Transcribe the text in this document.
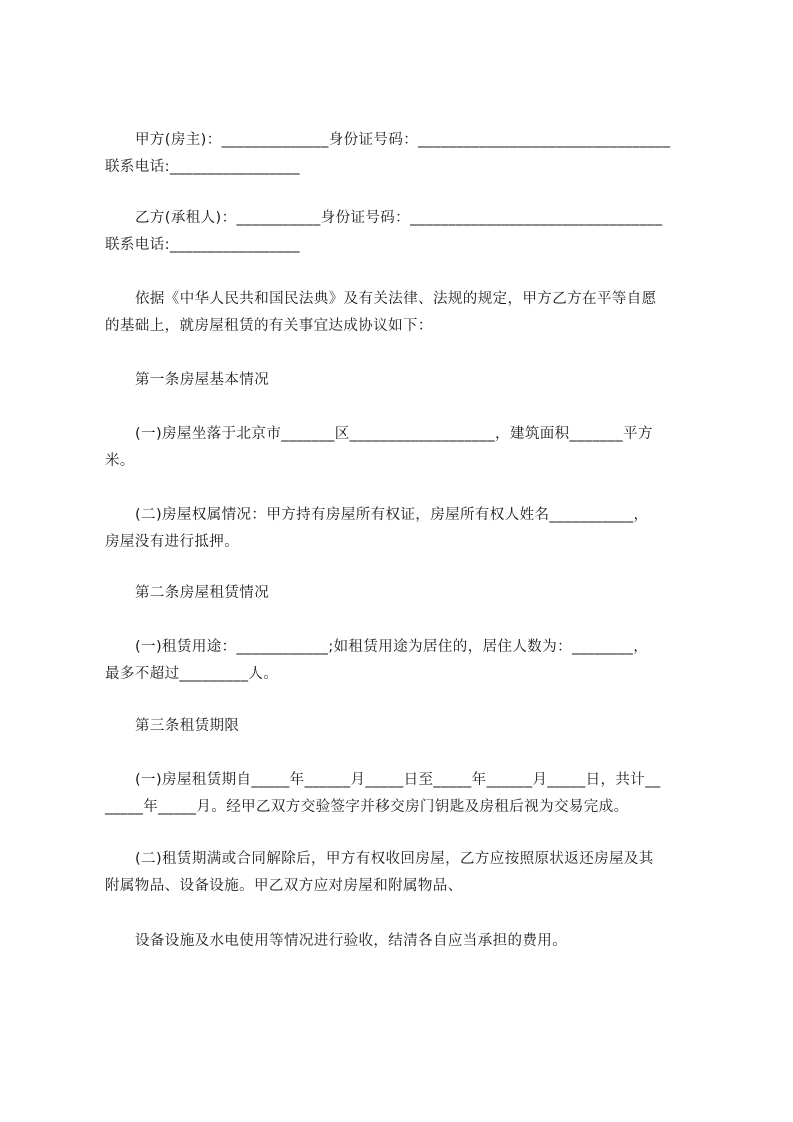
甲方(房主)：______________身份证号码：_________________________________
联系电话:_________________
乙方(承租人)：___________身份证号码：_________________________________
联系电话:_________________
依据《中华人民共和国民法典》及有关法律、法规的规定，甲方乙方在平等自愿
的基础上，就房屋租赁的有关事宜达成协议如下：
第一条房屋基本情况
(一)房屋坐落于北京市_______区___________________，建筑面积_______平方
米。
(二)房屋权属情况：甲方持有房屋所有权证，房屋所有权人姓名___________，
房屋没有进行抵押。
第二条房屋租赁情况
(一)租赁用途：____________;如租赁用途为居住的，居住人数为：________，
最多不超过_________人。
第三条租赁期限
(一)房屋租赁期自_____年______月_____日至_____年______月_____日，共计__
_____年_____月。经甲乙双方交验签字并移交房门钥匙及房租后视为交易完成。
(二)租赁期满或合同解除后，甲方有权收回房屋，乙方应按照原状返还房屋及其
附属物品、设备设施。甲乙双方应对房屋和附属物品、
设备设施及水电使用等情况进行验收，结清各自应当承担的费用。
